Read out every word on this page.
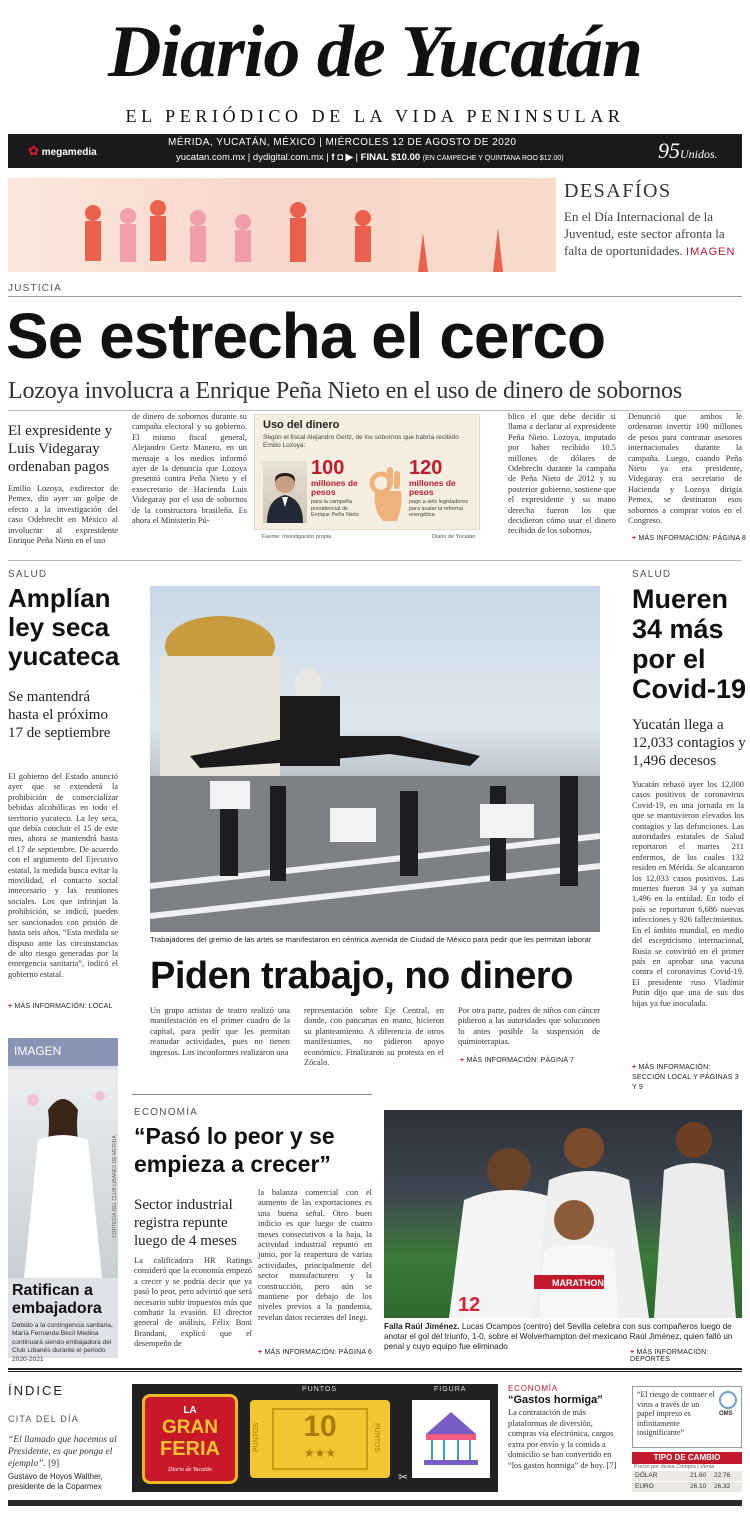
Diario de Yucatán
EL PERIÓDICO DE LA VIDA PENINSULAR
✿ megamedia
MÉRIDA, YUCATÁN, MÉXICO | MIÉRCOLES 12 DE AGOSTO DE 2020
yucatan.com.mx | dydigital.com.mx | f ◘ ▶ | FINAL $10.00 (EN CAMPECHE Y QUINTANA ROO $12.00)	95Unidos.
DESAFÍOS
En el Día Internacional de la Juventud, este sector afronta la falta de oportunidades. IMAGEN
JUSTICIA
Se estrecha el cerco
Lozoya involucra a Enrique Peña Nieto en el uso de dinero de sobornos
El expresidente y Luis Videgaray ordenaban pagos
Emilio Lozoya, exdirector de Pemex, dio ayer un golpe de efecto a la investigación del caso Odebrecht en México al involucrar al expresidente Enrique Peña Nieto en el uso
de dinero de sobornos durante su campaña electoral y su gobierno. El mismo fiscal general, Alejandro Gertz Manero, en un mensaje a los medios informó ayer de la denuncia que Lozoya presentó contra Peña Nieto y el exsecretario de Hacienda Luis Videgaray por el uso de sobornos de la constructora brasileña. Es ahora el Ministerio Pú-
Uso del dinero
Según el fiscal Alejandro Gertz, de los sobornos que habría recibido Emilio Lozoya:
100
millones de pesos
para la campaña presidencial de Enrique Peña Nieto
120
millones de pesos
pago a seis legisladores para avalar la reforma energética
Fuente: Investigación propia	Diario de Yucatán
blico el que debe decidir si llama a declarar al expresidente Peña Nieto. Lozoya, imputado por haber recibido 10.5 millones de dólares de Odebrecht durante la campaña de Peña Nieto de 2012 y su posterior gobierno, sostiene que el expresidente y su mano derecha fueron los que decidieron cómo usar el dinero recibido de los sobornos.
Denunció que ambos le ordenaron invertir 100 millones de pesos para contratar asesores internacionales durante la campaña. Luego, cuando Peña Nieto ya era presidente, Videgaray era secretario de Hacienda y Lozoya dirigía Pemex, se destinaron esos sobornos a comprar votos en el Congreso.
+ MÁS INFORMACIÓN: PÁGINA 8
SALUD
Amplían ley seca yucateca
Se mantendrá hasta el próximo 17 de septiembre
El gobierno del Estado anunció ayer que se extenderá la prohibición de comercializar bebidas alcohólicas en todo el territorio yucateco. La ley seca, que debía concluir el 15 de este mes, ahora se mantendrá hasta el 17 de septiembre. De acuerdo con el argumento del Ejecutivo estatal, la medida busca evitar la movilidad, el contacto social innecesario y las reuniones sociales. Los que infrinjan la prohibición, se indicó, pueden ser sancionados con prisión de hasta seis años. “Esta medida se dispuso ante las circunstancias de alto riesgo generadas por la emergencia sanitaria”, indicó el gobierno estatal.
+ MÁS INFORMACIÓN: LOCAL
Trabajadores del gremio de las artes se manifestaron en céntrica avenida de Ciudad de México para pedir que les permitan laborar
Piden trabajo, no dinero
Un grupo artistas de teatro realizó una manifestación en el primer cuadro de la capital, para pedir que les permitan reanudar actividades, pues no tienen ingresos. Los inconformes realizaron una
representación sobre Eje Central, en donde, con pancartas en mano, hicieron su planteamiento. A diferencia de otros manifestantes, no pidieron apoyo económico. Finalizaron su protesta en el Zócalo.
Por otra parte, padres de niños con cáncer pidieron a las autoridades que solucionen lo antes posible la suspensión de quimioterapias.
+ MÁS INFORMACIÓN: PÁGINA 7
SALUD
Mueren 34 más por el Covid-19
Yucatán llega a 12,033 contagios y 1,496 decesos
Yucatán rebasó ayer los 12,000 casos positivos de coronavirus Covid-19, en una jornada en la que se mantuvieron elevados los contagios y las defunciones. Las autoridades estatales de Salud reportaron el martes 211 enfermos, de los cuales 132 residen en Mérida. Se alcanzaron los 12,033 casos positivos. Las muertes fueron 34 y ya suman 1,496 en la entidad. En todo el país se reportaron 6,686 nuevas infecciones y 926 fallecimientos. En el ámbito mundial, en medio del escepticismo internacional, Rusia se convirtió en el primer país en aprobar una vacuna contra el coronavirus Covid-19. El presidente ruso Vladímir Putin dijo que una de sus dos hijas ya fue inoculada.
+ MÁS INFORMACIÓN: SECCIÓN LOCAL Y PÁGINAS 3 Y 9
IMAGEN
CORTESÍA DEL CLUB LIBANÉS DE MÉRIDA
Ratifican a embajadora
Debido a la contingencia sanitaria, María Fernanda Becil Medina continuará siendo embajadora del Club Libanés durante el periodo 2020-2021
ECONOMÍA
“Pasó lo peor y se empieza a crecer”
Sector industrial registra repunte luego de 4 meses
La calificadora HR Ratings consideró que la economía empezó a crecer y se podría decir que ya pasó lo peor, pero advirtió que será necesario subir impuestos más que combatir la evasión. El director general de análisis, Félix Boni Brandani, explicó que el desempeño de
la balanza comercial con el aumento de las exportaciones es una buena señal. Otro buen indicio es que luego de cuatro meses consecutivos a la baja, la actividad industrial repuntó en junio, por la reapertura de varias actividades, principalmente del sector manufacturero y la construcción, pero aún se mantiene por debajo de los niveles previos a la pandemia, revelan datos recientes del Inegi.
+ MÁS INFORMACIÓN: PÁGINA 6
MARATHON
12
Falla Raúl Jiménez. Lucas Ocampos (centro) del Sevilla celebra con sus compañeros luego de anotar el gol del triunfo, 1-0, sobre el Wolverhampton del mexicano Raúl Jiménez, quien falló un penal y cuyo equipo fue eliminado
+ MÁS INFORMACIÓN: DEPORTES
ÍNDICE
CITA DEL DÍA
“El llamado que hacemos al Presidente, es que ponga el ejemplo”. [9]
Gustavo de Hoyos Walther, presidente de la Coparmex
LA
GRAN
FERIA
Diario de Yucatán
PUNTOS
PUNTOS	PUNTOS
10
★★★
FIGURA
✂
ECONOMÍA
“Gastos hormiga”
La contratación de más plataformas de diversión, compras vía electrónica, cargos extra por envío y la comida a domicilio se han convertido en “los gastos hormiga” de hoy. [7]
“El riesgo de contraer el virus a través de un papel impreso es infinitamente insignificante”
OMS
TIPO DE CAMBIO
Precio por divisa Compra | Venta
DÓLAR	21.60 22.76
EURO	26.10 26.32
